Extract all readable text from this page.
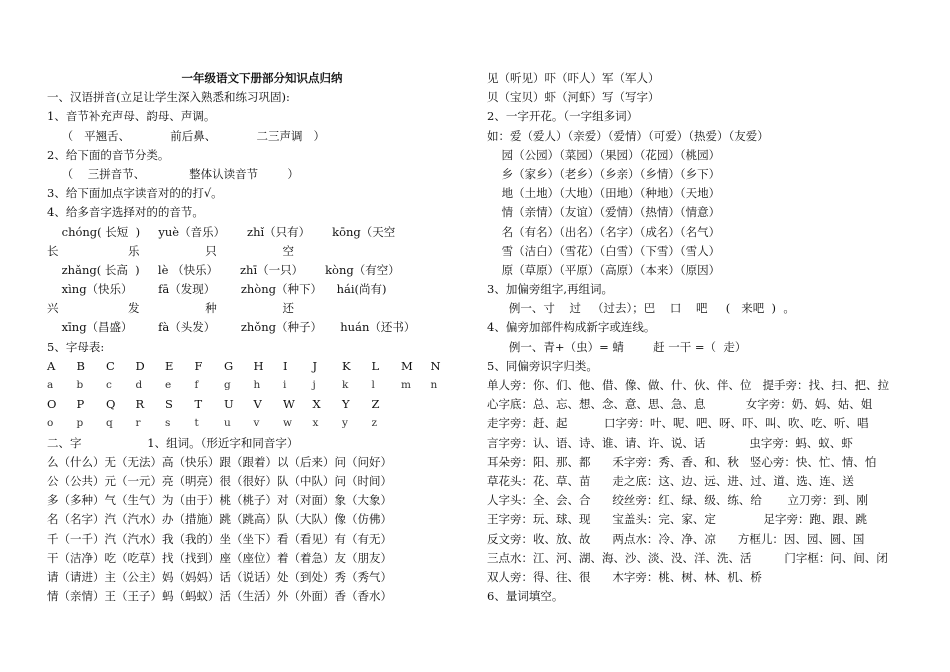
一年级语文下册部分知识点归纳
一、汉语拼音(立足让学生深入熟悉和练习巩固):
1、音节补充声母、韵母、声调。
（   平翘舌、           前后鼻、           二三声调   ）
2、给下面的音节分类。
（    三拼音节、            整体认读音节        ）
3、给下面加点字读音对的的打√。
4、给多音字选择对的的音节。
chóng( 长短  )     yuè（音乐）      zhǐ（只有）      kōng（天空
长                   乐                  只                  空
zhǎng( 长高  )     lè （快乐）      zhī（一只）      kòng（有空）
xìng（快乐）       fā（发现）       zhòng（种下）    hái(尚有)
兴                   发                  种                  还
xīng（昌盛）       fà（头发）       zhǒng（种子）     huán（还书）
5、字母表:
A	B	C	D	E	F	G	H	I	J	K	L	M	N
a	b	c	d	e	f	g	h	i	j	k	l	m	n
O	P	Q	R	S	T	U	V	W	X	Y	Z
o	p	q	r	s	t	u	v	w	x	y	z
二、字                  1、组词。（形近字和同音字）
么（什么）无（无法）高（快乐）跟（跟着）以（后来）问（问好）
公（公共）元（一元）亮（明亮）很（很好）队（中队）问（时间）
多（多种）气（生气）为（由于）桃（桃子）对（对面）象（大象）
名（名字）汽（汽水）办（措施）跳（跳高）队（大队）像（仿佛）
千（一千）汽（汽水）我（我的）坐（坐下）看（看见）有（有无）
干（洁净）吃（吃草）找（找到）座（座位）着（着急）友（朋友）
请（请进）主（公主）妈（妈妈）话（说话）处（到处）秀（秀气）
情（亲情）王（王子）蚂（蚂蚁）活（生活）外（外面）香（香水）
见（听见）吓（吓人）军（军人）
贝（宝贝）虾（河虾）写（写字）
2、一字开花。（一字组多词）
如：爱（爱人）（亲爱）（爱情）（可爱）（热爱）（友爱）
园（公园）（菜园）（果园）（花园）（桃园）
乡（家乡）（老乡）（乡亲）（乡情）（乡下）
地（土地）（大地）（田地）（种地）（天地）
情（亲情）（友谊）（爱情）（热情）（情意）
名（有名）（出名）（名字）（成名）（名气）
雪（洁白）（雪花）（白雪）（下雪）（雪人）
原（草原）（平原）（高原）（本来）（原因）
3、加偏旁组字,再组词。
例一、寸    过   （过去）；巴    口    吧     (   来吧  )  。
4、偏旁加部件构成新字或连线。
例一、青+（虫）= 蜻        赶 一干 =（  走）
5、同偏旁识字归类。
单人旁：你、们、他、借、像、做、什、伙、伴、位   提手旁：找、扫、把、拉
心字底：总、忘、想、念、意、思、急、息           女字旁：奶、妈、姑、姐
走字旁：赶、起          口字旁：叶、呢、吧、呀、吓、叫、吹、吃、听、唱
言字旁：认、语、诗、谁、请、许、说、话            虫字旁：蚂、蚁、虾
耳朵旁：阳、那、都      禾字旁：秀、香、和、秋   竖心旁：快、忙、情、怕
草花头：花、草、苗      走之底：这、边、远、进、过、道、选、连、送
人字头：全、会、合      绞丝旁：红、绿、级、练、给       立刀旁：到、刚
王字旁：玩、球、现      宝盖头：完、家、定             足字旁：跑、跟、跳
反文旁：收、放、故      两点水：冷、净、凉      方框儿：因、园、圆、国
三点水：江、河、湖、海、沙、淡、没、洋、洗、活         门字框：问、间、闭
双人旁：得、往、很      木字旁：桃、树、林、机、桥
6、量词填空。
